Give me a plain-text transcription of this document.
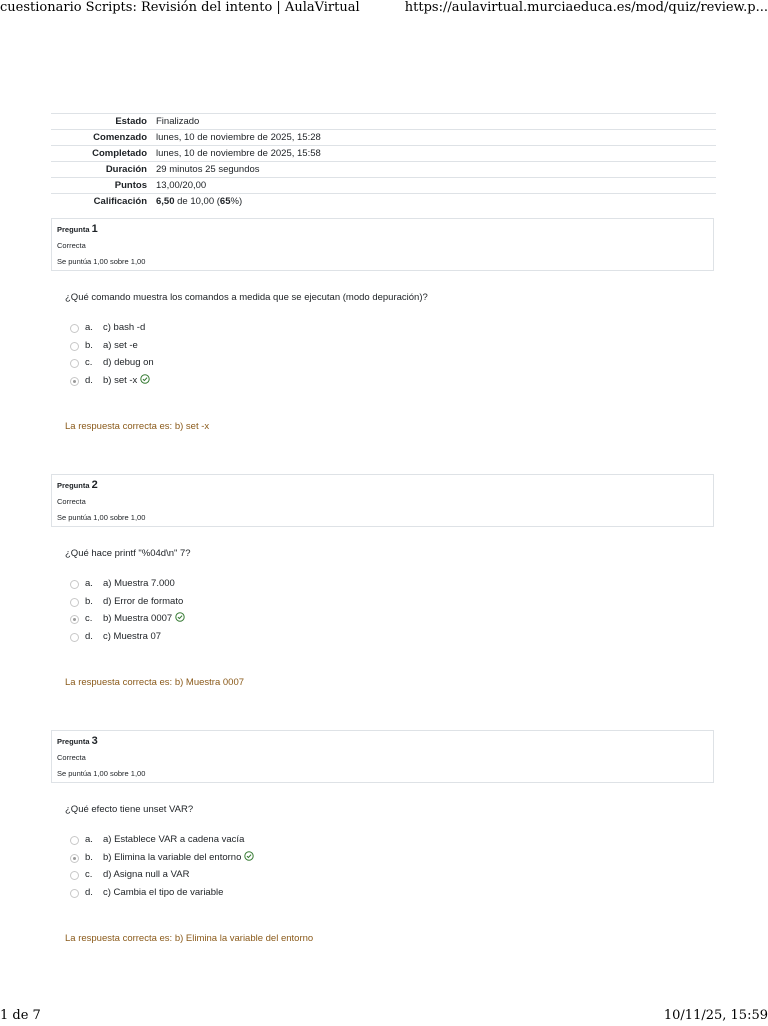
cuestionario Scripts: Revisión del intento | AulaVirtual	https://aulavirtual.murciaeduca.es/mod/quiz/review.p...
Estado	Finalizado
Comenzado	lunes, 10 de noviembre de 2025, 15:28
Completado	lunes, 10 de noviembre de 2025, 15:58
Duración	29 minutos 25 segundos
Puntos	13,00/20,00
Calificación	6,50 de 10,00 (65%)
Pregunta 1
Correcta
Se puntúa 1,00 sobre 1,00
¿Qué comando muestra los comandos a medida que se ejecutan (modo depuración)?
a. c) bash -d
b. a) set -e
c. d) debug on
d. b) set -x
La respuesta correcta es: b) set -x
Pregunta 2
Correcta
Se puntúa 1,00 sobre 1,00
¿Qué hace printf "%04d\n" 7?
a. a) Muestra 7.000
b. d) Error de formato
c. b) Muestra 0007
d. c) Muestra 07
La respuesta correcta es: b) Muestra 0007
Pregunta 3
Correcta
Se puntúa 1,00 sobre 1,00
¿Qué efecto tiene unset VAR?
a. a) Establece VAR a cadena vacía
b. b) Elimina la variable del entorno
c. d) Asigna null a VAR
d. c) Cambia el tipo de variable
La respuesta correcta es: b) Elimina la variable del entorno
1 de 7	10/11/25, 15:59
